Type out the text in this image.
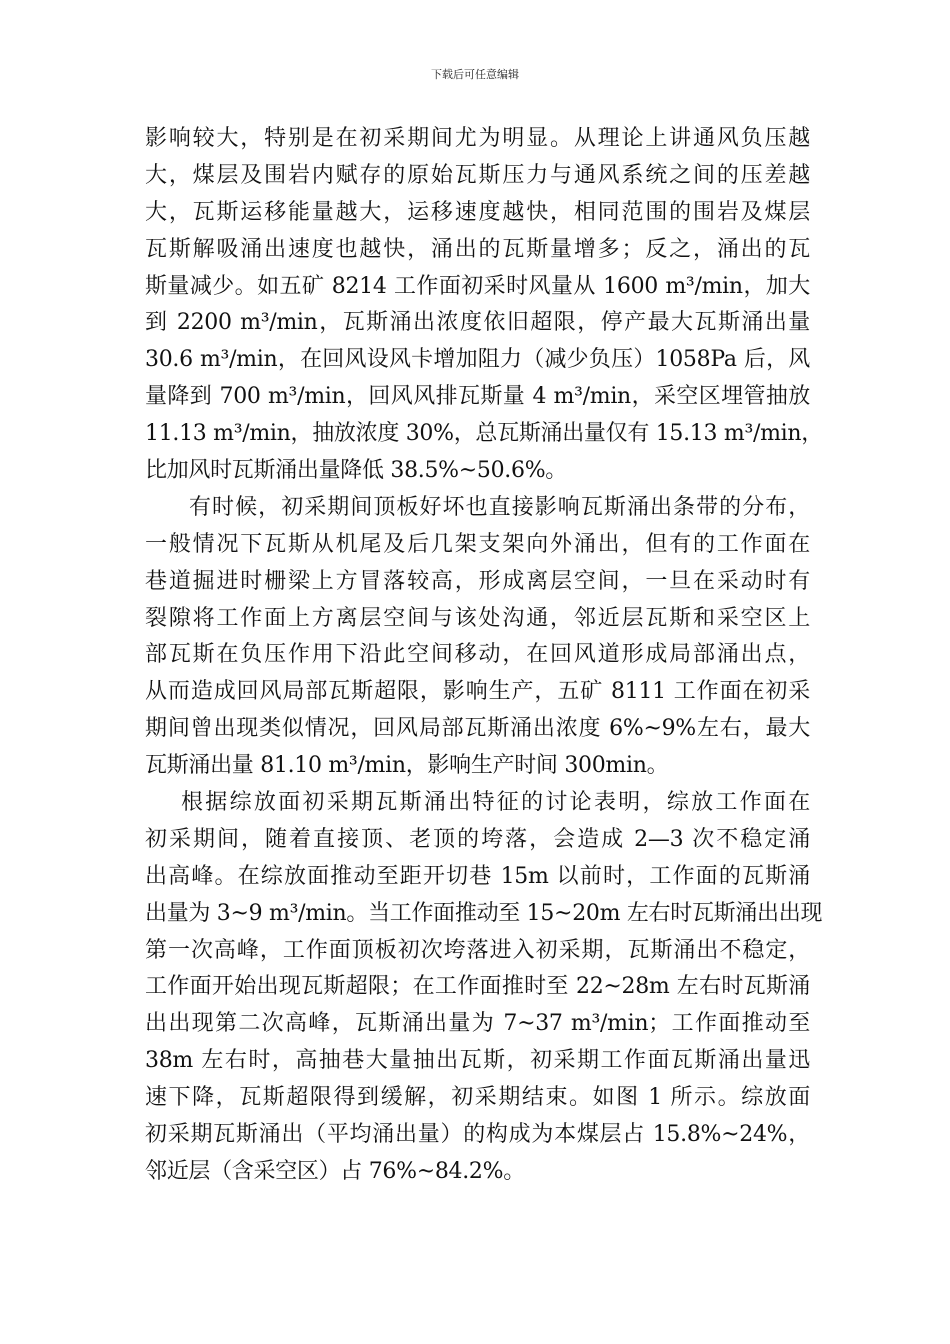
下载后可任意编辑
影响较大，特别是在初采期间尤为明显。从理论上讲通风负压越
大，煤层及围岩内赋存的原始瓦斯压力与通风系统之间的压差越
大，瓦斯运移能量越大，运移速度越快，相同范围的围岩及煤层
瓦斯解吸涌出速度也越快，涌出的瓦斯量增多；反之，涌出的瓦
斯量减少。如五矿 8214 工作面初采时风量从 1600 m³/min，加大
到 2200 m³/min，瓦斯涌出浓度依旧超限，停产最大瓦斯涌出量
30.6 m³/min，在回风设风卡增加阻力（减少负压）1058Pa 后，风
量降到 700 m³/min，回风风排瓦斯量 4 m³/min，采空区埋管抽放
11.13 m³/min，抽放浓度 30%，总瓦斯涌出量仅有 15.13 m³/min，
比加风时瓦斯涌出量降低 38.5%~50.6%。
有时候，初采期间顶板好坏也直接影响瓦斯涌出条带的分布，
一般情况下瓦斯从机尾及后几架支架向外涌出，但有的工作面在
巷道掘进时栅梁上方冒落较高，形成离层空间，一旦在采动时有
裂隙将工作面上方离层空间与该处沟通，邻近层瓦斯和采空区上
部瓦斯在负压作用下沿此空间移动，在回风道形成局部涌出点，
从而造成回风局部瓦斯超限，影响生产，五矿 8111 工作面在初采
期间曾出现类似情况，回风局部瓦斯涌出浓度 6%~9%左右，最大
瓦斯涌出量 81.10 m³/min，影响生产时间 300min。
根据综放面初采期瓦斯涌出特征的讨论表明，综放工作面在
初采期间，随着直接顶、老顶的垮落，会造成 2—3 次不稳定涌
出高峰。在综放面推动至距开切巷 15m 以前时，工作面的瓦斯涌
出量为 3~9 m³/min。当工作面推动至 15~20m 左右时瓦斯涌出出现
第一次高峰，工作面顶板初次垮落进入初采期，瓦斯涌出不稳定，
工作面开始出现瓦斯超限；在工作面推时至 22~28m 左右时瓦斯涌
出出现第二次高峰，瓦斯涌出量为 7~37 m³/min；工作面推动至
38m 左右时，高抽巷大量抽出瓦斯，初采期工作面瓦斯涌出量迅
速下降，瓦斯超限得到缓解，初采期结束。如图 1 所示。综放面
初采期瓦斯涌出（平均涌出量）的构成为本煤层占 15.8%~24%，
邻近层（含采空区）占 76%~84.2%。
